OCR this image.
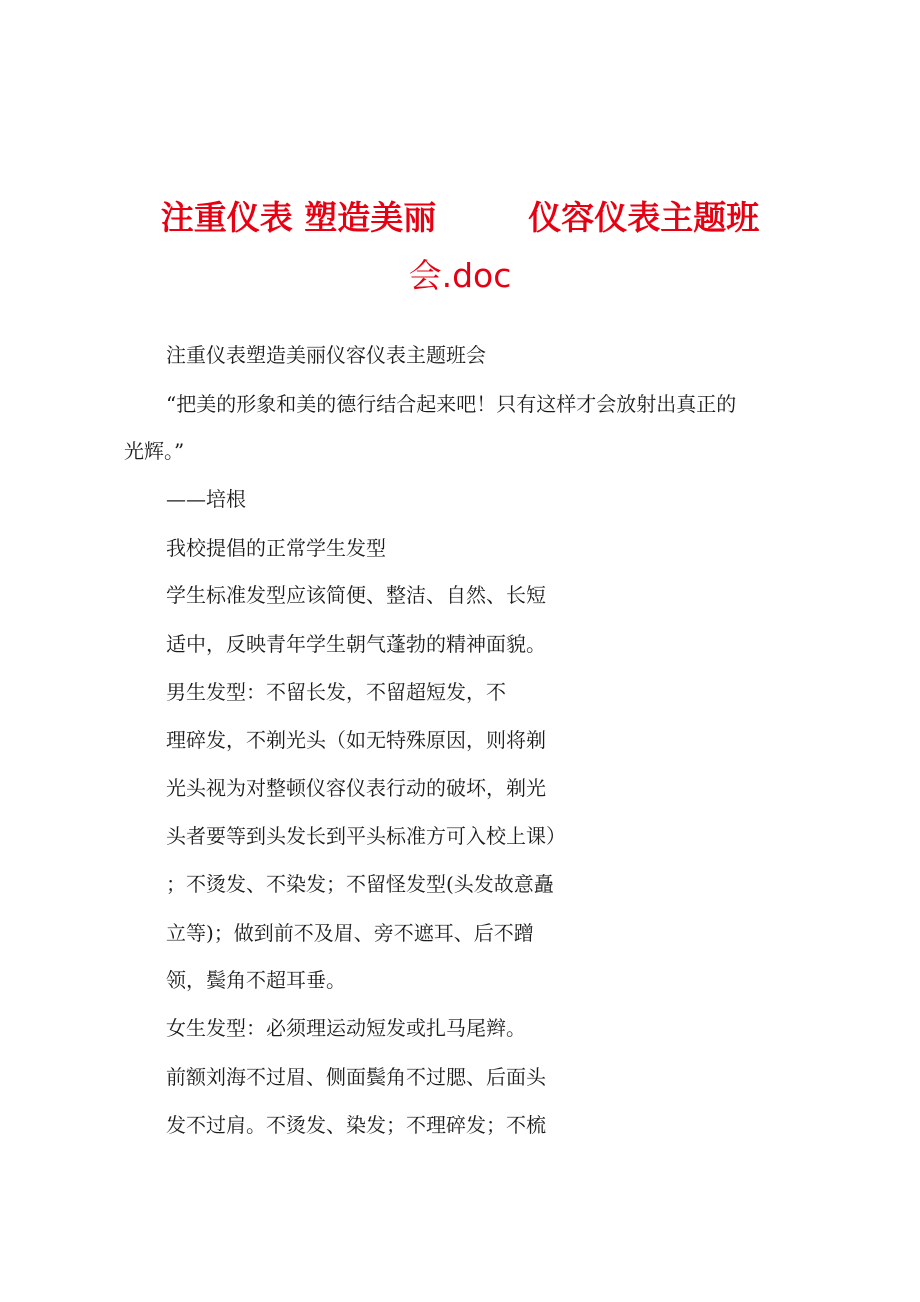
注重仪表 塑造美丽        仪容仪表主题班
会.doc

注重仪表塑造美丽仪容仪表主题班会

“把美的形象和美的德行结合起来吧！只有这样才会放射出真正的

光辉。”

——培根

我校提倡的正常学生发型

学生标准发型应该简便、整洁、自然、长短

适中，反映青年学生朝气蓬勃的精神面貌。

男生发型：不留长发，不留超短发，不

理碎发，不剃光头（如无特殊原因，则将剃

光头视为对整顿仪容仪表行动的破坏，剃光

头者要等到头发长到平头标准方可入校上课）

；不烫发、不染发；不留怪发型(头发故意矗

立等)；做到前不及眉、旁不遮耳、后不蹭

领，鬓角不超耳垂。

女生发型：必须理运动短发或扎马尾辫。

前额刘海不过眉、侧面鬓角不过腮、后面头

发不过肩。不烫发、染发；不理碎发；不梳
